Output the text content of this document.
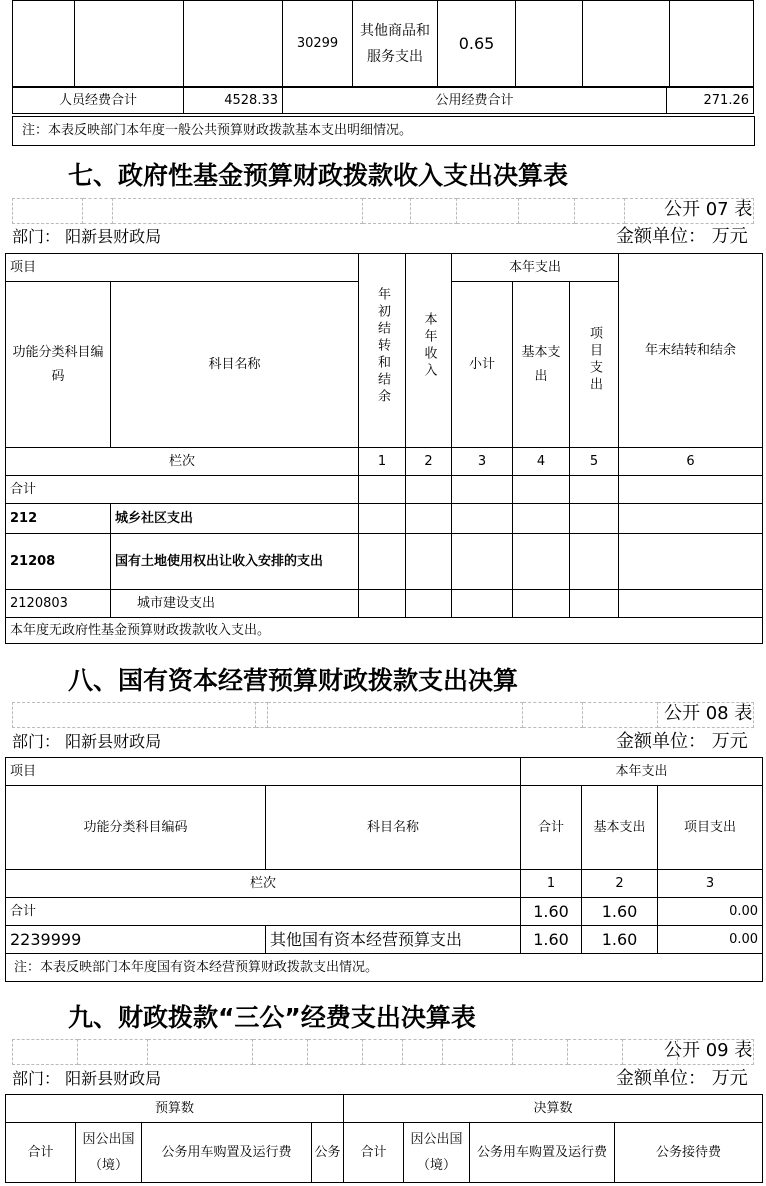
			30299	其他商品和服务支出	0.65			
人员经费合计	4528.33	公用经费合计	271.26
注：本表反映部门本年度一般公共预算财政拨款基本支出明细情况。
七、政府性基金预算财政拨款收入支出决算表

公开 07 表
部门： 阳新县财政局	金额单位： 万元
项目		年初结转和结余	本年收入	本年支出			年末结转和结余
功能分类科目编码	科目名称			小计	基本支出	项目支出	
栏次		1	2	3	4	5	6
合计							
212	城乡社区支出						
21208	国有土地使用权出让收入安排的支出						
2120803	城市建设支出						
本年度无政府性基金预算财政拨款收入支出。							
八、国有资本经营预算财政拨款支出决算

公开 08 表
部门： 阳新县财政局	金额单位： 万元
项目		本年支出		
功能分类科目编码	科目名称	合计	基本支出	项目支出
栏次		1	2	3
合计		1.60	1.60	0.00
2239999	其他国有资本经营预算支出	1.60	1.60	0.00
注：本表反映部门本年度国有资本经营预算财政拨款支出情况。				
九、财政拨款“三公”经费支出决算表

公开 09 表
部门： 阳新县财政局	金额单位： 万元
预算数				决算数			
合计	因公出国（境）	公务用车购置及运行费	公务	合计	因公出国（境）	公务用车购置及运行费	公务接待费
